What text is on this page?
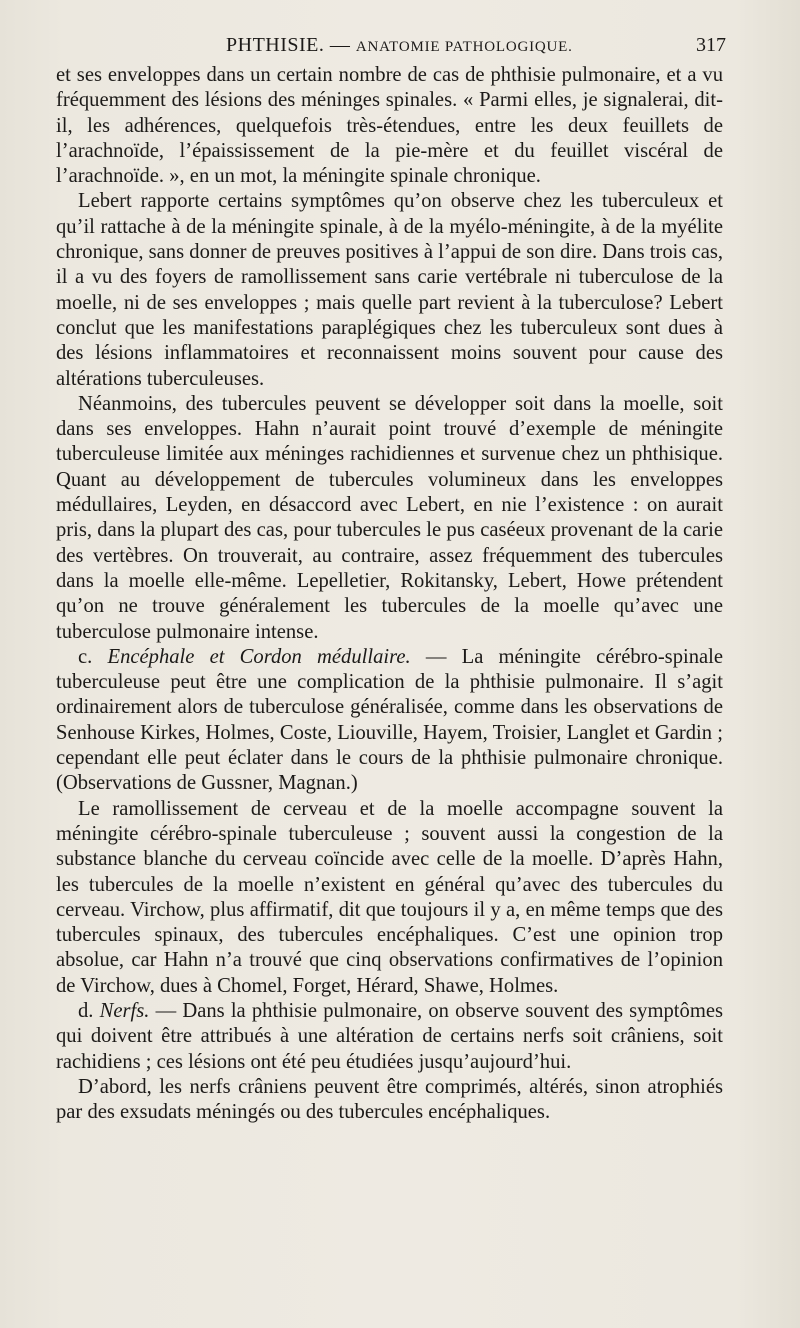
PHTHISIE. — ANATOMIE PATHOLOGIQUE.	317

et ses enveloppes dans un certain nombre de cas de phthisie pulmonaire, et a vu fréquemment des lésions des méninges spinales. « Parmi elles, je signalerai, dit-il, les adhérences, quelquefois très-étendues, entre les deux feuillets de l’arachnoïde, l’épaississement de la pie-mère et du feuillet viscéral de l’arachnoïde. », en un mot, la méningite spinale chronique.

Lebert rapporte certains symptômes qu’on observe chez les tuberculeux et qu’il rattache à de la méningite spinale, à de la myélo-méningite, à de la myélite chronique, sans donner de preuves positives à l’appui de son dire. Dans trois cas, il a vu des foyers de ramollissement sans carie vertébrale ni tuberculose de la moelle, ni de ses enveloppes ; mais quelle part revient à la tuberculose? Lebert conclut que les manifestations paraplégiques chez les tuberculeux sont dues à des lésions inflammatoires et reconnaissent moins souvent pour cause des altérations tuberculeuses.

Néanmoins, des tubercules peuvent se développer soit dans la moelle, soit dans ses enveloppes. Hahn n’aurait point trouvé d’exemple de méningite tuberculeuse limitée aux méninges rachidiennes et survenue chez un phthisique. Quant au développement de tubercules volumineux dans les enveloppes médullaires, Leyden, en désaccord avec Lebert, en nie l’existence : on aurait pris, dans la plupart des cas, pour tubercules le pus caséeux provenant de la carie des vertèbres. On trouverait, au contraire, assez fréquemment des tubercules dans la moelle elle-même. Lepelletier, Rokitansky, Lebert, Howe prétendent qu’on ne trouve généralement les tubercules de la moelle qu’avec une tuberculose pulmonaire intense.

c. Encéphale et Cordon médullaire. — La méningite cérébro-spinale tuberculeuse peut être une complication de la phthisie pulmonaire. Il s’agit ordinairement alors de tuberculose généralisée, comme dans les observations de Senhouse Kirkes, Holmes, Coste, Liouville, Hayem, Troisier, Langlet et Gardin ; cependant elle peut éclater dans le cours de la phthisie pulmonaire chronique. (Observations de Gussner, Magnan.)

Le ramollissement de cerveau et de la moelle accompagne souvent la méningite cérébro-spinale tuberculeuse ; souvent aussi la congestion de la substance blanche du cerveau coïncide avec celle de la moelle. D’après Hahn, les tubercules de la moelle n’existent en général qu’avec des tubercules du cerveau. Virchow, plus affirmatif, dit que toujours il y a, en même temps que des tubercules spinaux, des tubercules encéphaliques. C’est une opinion trop absolue, car Hahn n’a trouvé que cinq observations confirmatives de l’opinion de Virchow, dues à Chomel, Forget, Hérard, Shawe, Holmes.

d. Nerfs. — Dans la phthisie pulmonaire, on observe souvent des symptômes qui doivent être attribués à une altération de certains nerfs soit crâniens, soit rachidiens ; ces lésions ont été peu étudiées jusqu’aujourd’hui.

D’abord, les nerfs crâniens peuvent être comprimés, altérés, sinon atrophiés par des exsudats méningés ou des tubercules encéphaliques.
